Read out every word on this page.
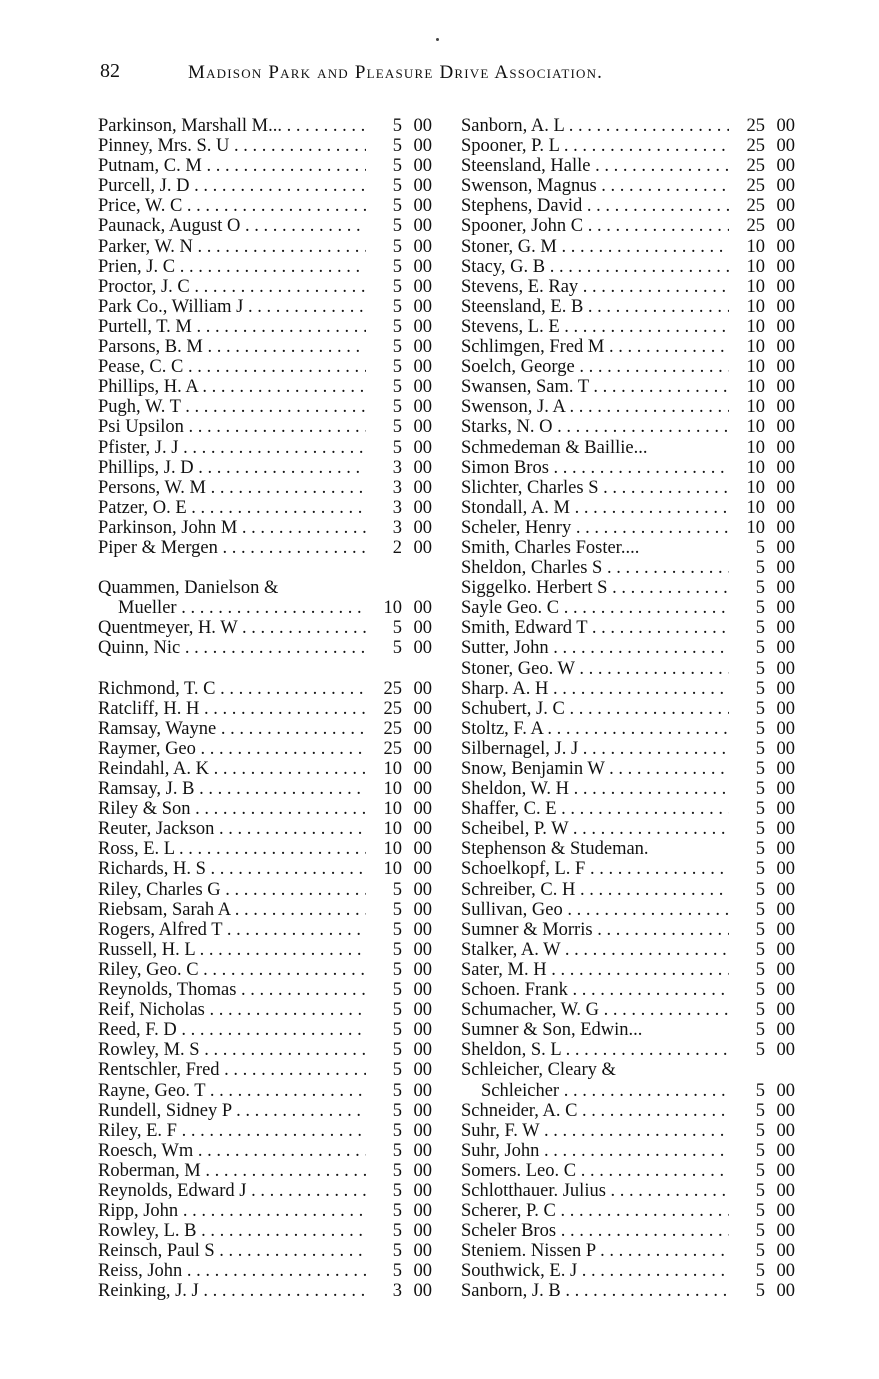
82	Madison Park and Pleasure Drive Association.
Parkinson, Marshall M... . . .	5 00
Pinney, Mrs. S. U . . .	5 00
Putnam, C. M . . .	5 00
Purcell, J. D . . .	5 00
Price, W. C . . .	5 00
Paunack, August O . . .	5 00
Parker, W. N . . .	5 00
Prien, J. C . . .	5 00
Proctor, J. C . . .	5 00
Park Co., William J . . .	5 00
Purtell, T. M . . .	5 00
Parsons, B. M . . .	5 00
Pease, C. C . . .	5 00
Phillips, H. A . . .	5 00
Pugh, W. T . . .	5 00
Psi Upsilon . . .	5 00
Pfister, J. J . . .	5 00
Phillips, J. D . . .	3 00
Persons, W. M . . .	3 00
Patzer, O. E . . .	3 00
Parkinson, John M . . .	3 00
Piper & Mergen . . .	2 00
Quammen, Danielson &
Mueller . . .	10 00
Quentmeyer, H. W . . .	5 00
Quinn, Nic . . .	5 00
Richmond, T. C . . .	25 00
Ratcliff, H. H . . .	25 00
Ramsay, Wayne . . .	25 00
Raymer, Geo . . .	25 00
Reindahl, A. K . . .	10 00
Ramsay, J. B . . .	10 00
Riley & Son . . .	10 00
Reuter, Jackson . . .	10 00
Ross, E. L . . .	10 00
Richards, H. S . . .	10 00
Riley, Charles G . . .	5 00
Riebsam, Sarah A . . .	5 00
Rogers, Alfred T . . .	5 00
Russell, H. L . . .	5 00
Riley, Geo. C . . .	5 00
Reynolds, Thomas . . .	5 00
Reif, Nicholas . . .	5 00
Reed, F. D . . .	5 00
Rowley, M. S . . .	5 00
Rentschler, Fred . . .	5 00
Rayne, Geo. T . . .	5 00
Rundell, Sidney P . . .	5 00
Riley, E. F . . .	5 00
Roesch, Wm . . .	5 00
Roberman, M . . .	5 00
Reynolds, Edward J . . .	5 00
Ripp, John . . .	5 00
Rowley, L. B . . .	5 00
Reinsch, Paul S . . .	5 00
Reiss, John . . .	5 00
Reinking, J. J . . .	3 00
Sanborn, A. L . . .	25 00
Spooner, P. L . . .	25 00
Steensland, Halle . . .	25 00
Swenson, Magnus . . .	25 00
Stephens, David . . .	25 00
Spooner, John C . . .	25 00
Stoner, G. M . . .	10 00
Stacy, G. B . . .	10 00
Stevens, E. Ray . . .	10 00
Steensland, E. B . . .	10 00
Stevens, L. E . . .	10 00
Schlimgen, Fred M . . .	10 00
Soelch, George . . .	10 00
Swansen, Sam. T . . .	10 00
Swenson, J. A . . .	10 00
Starks, N. O . . .	10 00
Schmedeman & Baillie...	10 00
Simon Bros . . .	10 00
Slichter, Charles S . . .	10 00
Stondall, A. M . . .	10 00
Scheler, Henry . . .	10 00
Smith, Charles Foster....	5 00
Sheldon, Charles S . . .	5 00
Siggelko. Herbert S . . .	5 00
Sayle Geo. C . . .	5 00
Smith, Edward T . . .	5 00
Sutter, John . . .	5 00
Stoner, Geo. W . . .	5 00
Sharp. A. H . . .	5 00
Schubert, J. C . . .	5 00
Stoltz, F. A . . .	5 00
Silbernagel, J. J . . .	5 00
Snow, Benjamin W . . .	5 00
Sheldon, W. H . . .	5 00
Shaffer, C. E . . .	5 00
Scheibel, P. W . . .	5 00
Stephenson & Studeman.	5 00
Schoelkopf, L. F . . .	5 00
Schreiber, C. H . . .	5 00
Sullivan, Geo . . .	5 00
Sumner & Morris . . .	5 00
Stalker, A. W . . .	5 00
Sater, M. H . . .	5 00
Schoen. Frank . . .	5 00
Schumacher, W. G . . .	5 00
Sumner & Son, Edwin...	5 00
Sheldon, S. L . . .	5 00
Schleicher, Cleary &
Schleicher . . .	5 00
Schneider, A. C . . .	5 00
Suhr, F. W . . .	5 00
Suhr, John . . .	5 00
Somers. Leo. C . . .	5 00
Schlotthauer. Julius . . .	5 00
Scherer, P. C . . .	5 00
Scheler Bros . . .	5 00
Steniem. Nissen P . . .	5 00
Southwick, E. J . . .	5 00
Sanborn, J. B . . .	5 00
